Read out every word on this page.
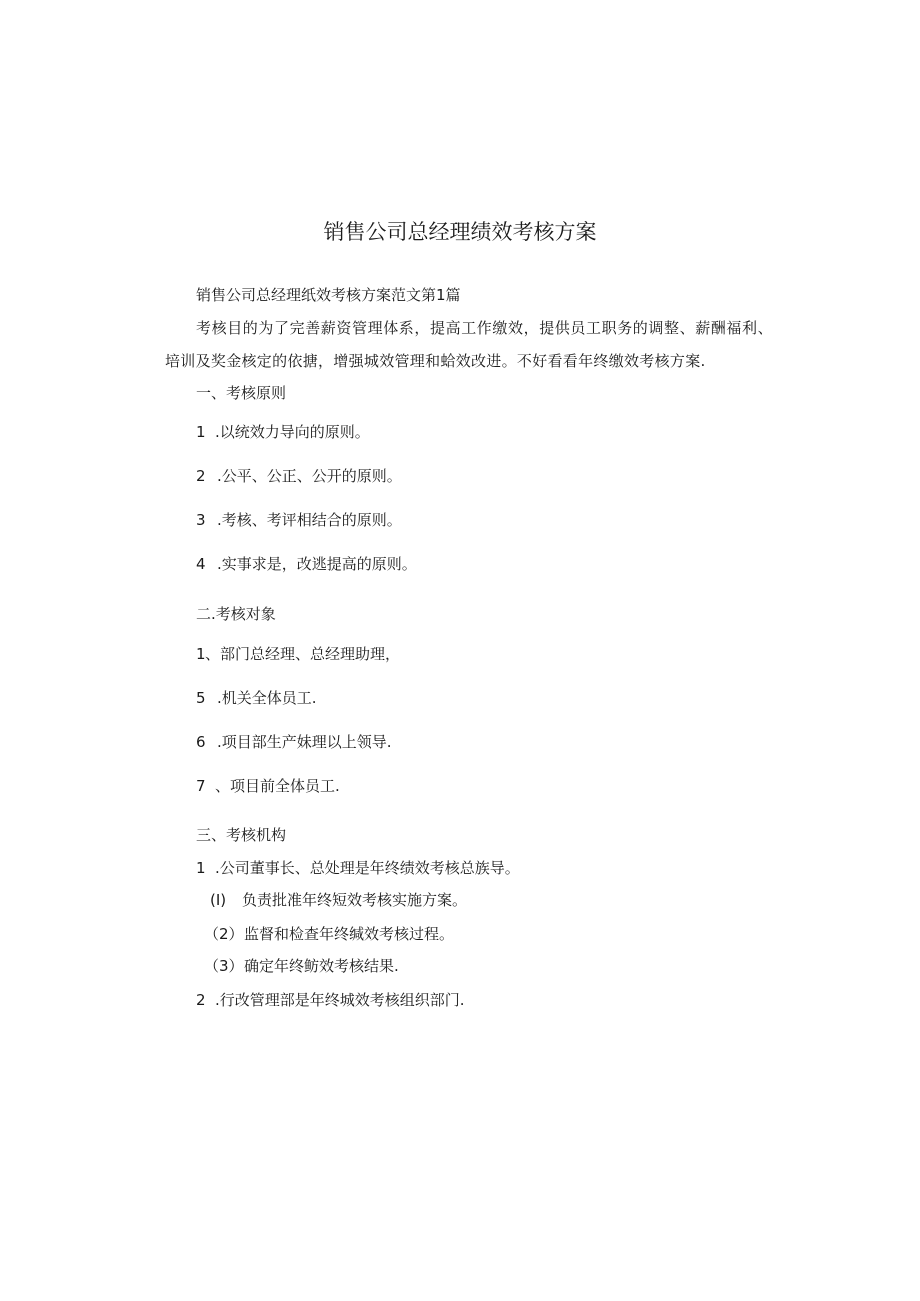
销售公司总经理绩效考核方案
销售公司总经理纸效考核方案范文第1篇
考核目的为了完善薪资管理体系，提高工作缴效，提供员工职务的调整、薪酬福利、
培训及奖金核定的依搪，增强城效管理和蛤效改进。不好看看年终缴效考核方案.
一、考核原则
1 .以统效力导向的原则。
2 .公平、公正、公开的原则。
3 .考核、考评相结合的原则。
4 .实事求是，改逃提高的原则。
二.考核对象
1 、部门总经理、总经理助理，
5 .机关全体员工.
6 .项目部生产妹理以上领导.
7 、项目前全体员工.
三、考核机构
1 .公司董事长、总处理是年终绩效考核总族导。
(I) 负责批准年终短效考核实施方案。
（2） 监督和检查年终缄效考核过程。
（3） 确定年终鲂效考核结果.
2 .行改管理部是年终城效考核组织部门.
